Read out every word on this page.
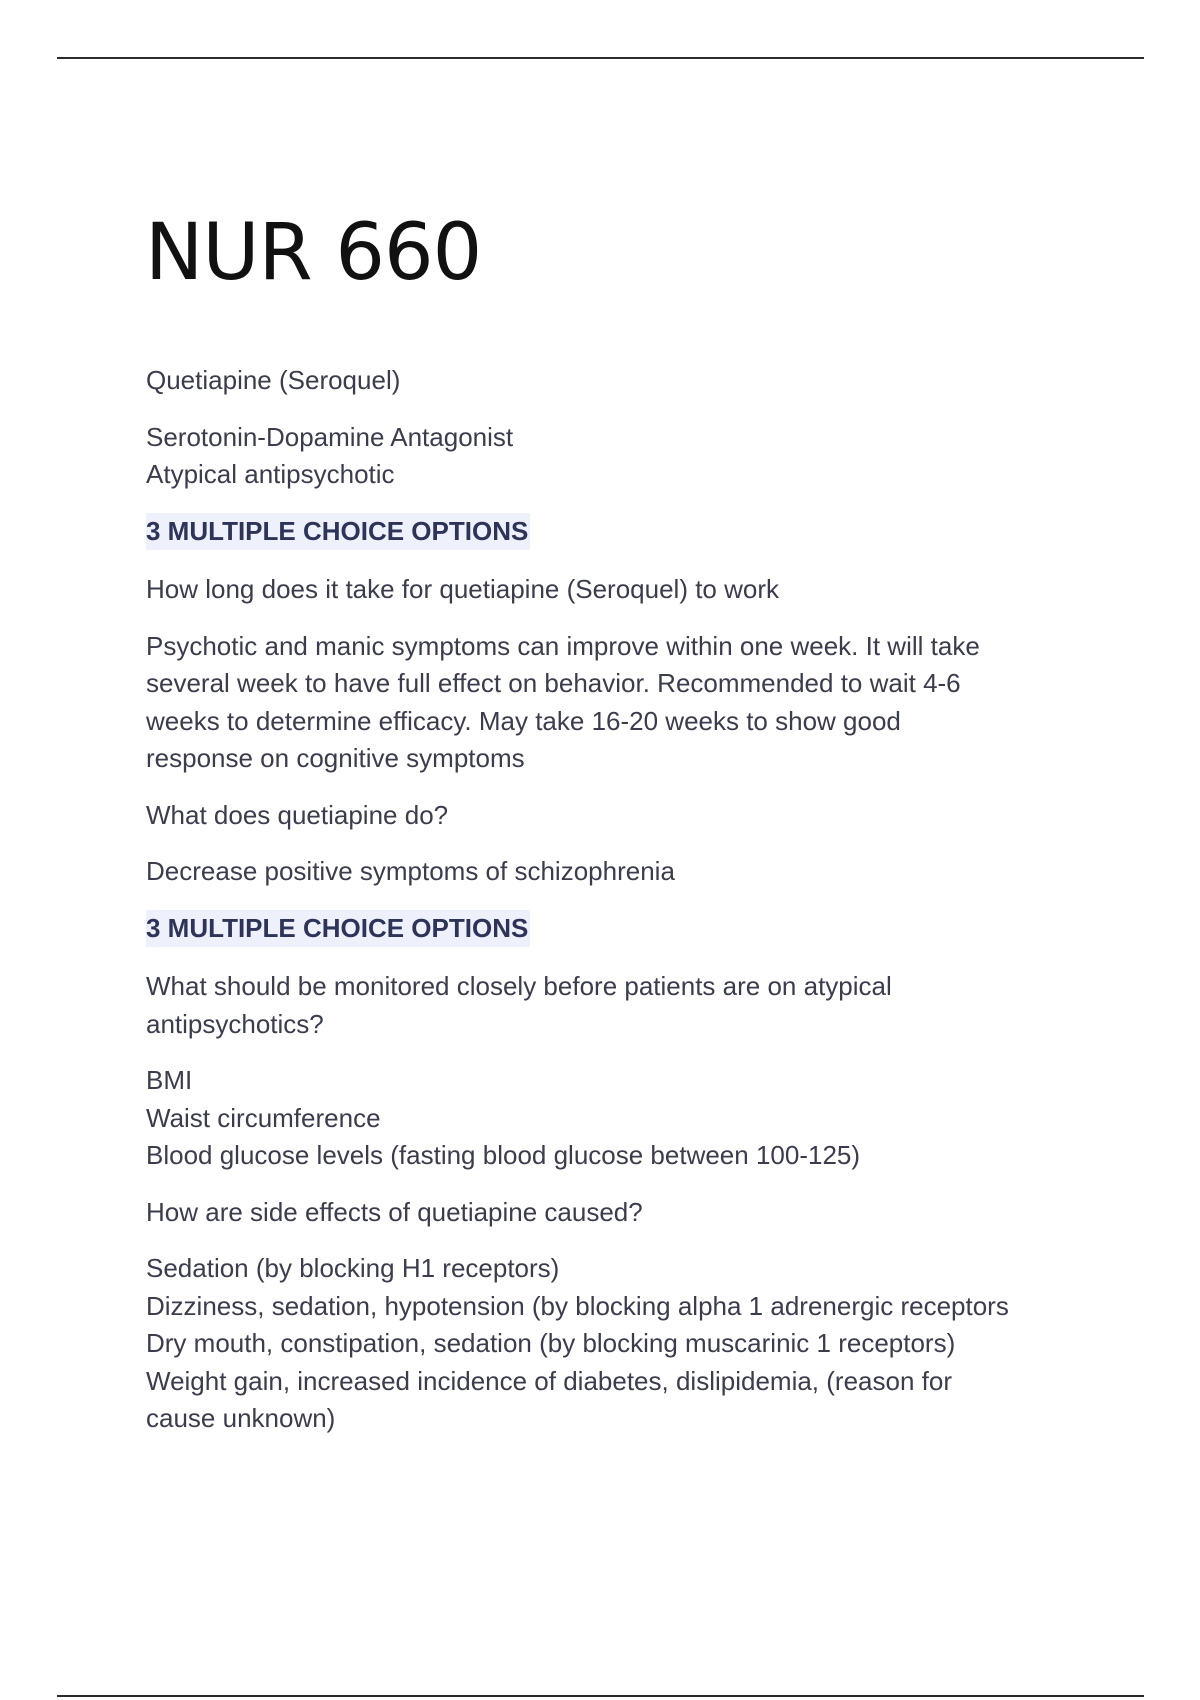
NUR 660
Quetiapine (Seroquel)
Serotonin-Dopamine Antagonist
Atypical antipsychotic
3 MULTIPLE CHOICE OPTIONS
How long does it take for quetiapine (Seroquel) to work
Psychotic and manic symptoms can improve within one week. It will take
several week to have full effect on behavior. Recommended to wait 4-6
weeks to determine efficacy. May take 16-20 weeks to show good
response on cognitive symptoms
What does quetiapine do?
Decrease positive symptoms of schizophrenia
3 MULTIPLE CHOICE OPTIONS
What should be monitored closely before patients are on atypical
antipsychotics?
BMI
Waist circumference
Blood glucose levels (fasting blood glucose between 100-125)
How are side effects of quetiapine caused?
Sedation (by blocking H1 receptors)
Dizziness, sedation, hypotension (by blocking alpha 1 adrenergic receptors
Dry mouth, constipation, sedation (by blocking muscarinic 1 receptors)
Weight gain, increased incidence of diabetes, dislipidemia, (reason for
cause unknown)
